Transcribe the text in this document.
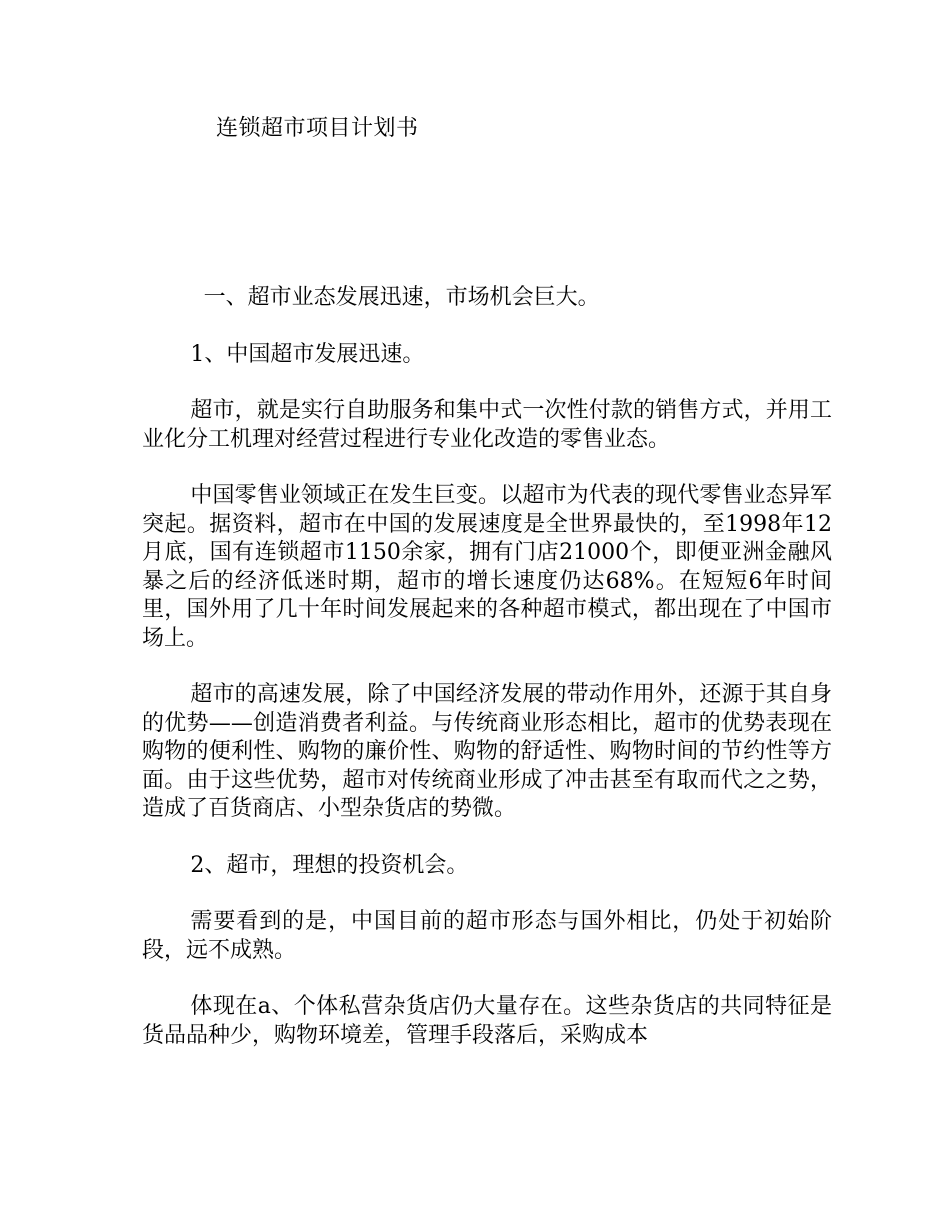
连锁超市项目计划书

一、超市业态发展迅速，市场机会巨大。

1、中国超市发展迅速。

超市，就是实行自助服务和集中式一次性付款的销售方式，并用工业化分工机理对经营过程进行专业化改造的零售业态。

中国零售业领域正在发生巨变。以超市为代表的现代零售业态异军突起。据资料，超市在中国的发展速度是全世界最快的，至1998年12月底，国有连锁超市1150余家，拥有门店21000个，即便亚洲金融风暴之后的经济低迷时期，超市的增长速度仍达68%。在短短6年时间里，国外用了几十年时间发展起来的各种超市模式，都出现在了中国市场上。

超市的高速发展，除了中国经济发展的带动作用外，还源于其自身的优势——创造消费者利益。与传统商业形态相比，超市的优势表现在购物的便利性、购物的廉价性、购物的舒适性、购物时间的节约性等方面。由于这些优势，超市对传统商业形成了冲击甚至有取而代之之势，造成了百货商店、小型杂货店的势微。

2、超市，理想的投资机会。

需要看到的是，中国目前的超市形态与国外相比，仍处于初始阶段，远不成熟。

体现在a、个体私营杂货店仍大量存在。这些杂货店的共同特征是货品品种少，购物环境差，管理手段落后，采购成本
